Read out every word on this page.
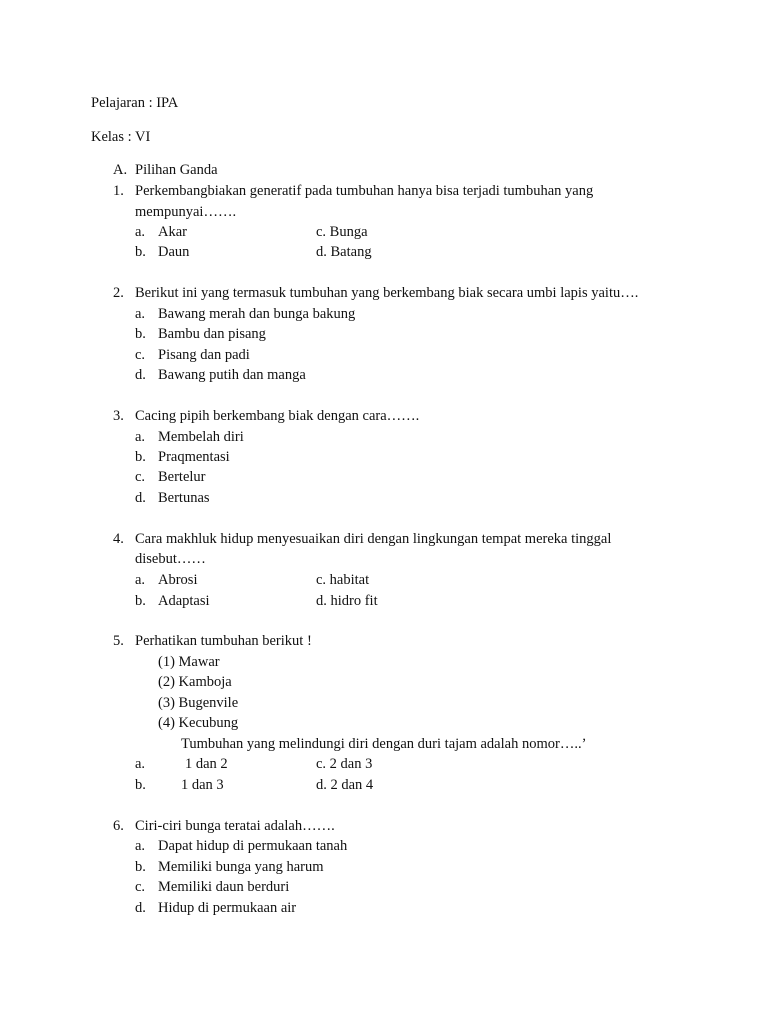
Pelajaran : IPA
Kelas : VI
A. Pilihan Ganda
1. Perkembangbiakan generatif pada tumbuhan hanya bisa terjadi tumbuhan yang
mempunyai…….
a. Akar	c. Bunga
b. Daun	d. Batang
2. Berikut ini yang termasuk tumbuhan yang berkembang biak secara umbi lapis yaitu….
a. Bawang merah dan bunga bakung
b. Bambu dan pisang
c. Pisang dan padi
d. Bawang putih dan manga
3. Cacing pipih berkembang biak dengan cara…….
a. Membelah diri
b. Praqmentasi
c. Bertelur
d. Bertunas
4. Cara makhluk hidup menyesuaikan diri dengan lingkungan tempat mereka tinggal
disebut……
a. Abrosi	c. habitat
b. Adaptasi	d. hidro fit
5. Perhatikan tumbuhan berikut !
(1) Mawar
(2) Kamboja
(3) Bugenvile
(4) Kecubung
Tumbuhan yang melindungi diri dengan duri tajam adalah nomor…..’
a.	1 dan 2	c. 2 dan 3
b. 1 dan 3	d. 2 dan 4
6. Ciri-ciri bunga teratai adalah…….
a. Dapat hidup di permukaan tanah
b. Memiliki bunga yang harum
c. Memiliki daun berduri
d. Hidup di permukaan air
